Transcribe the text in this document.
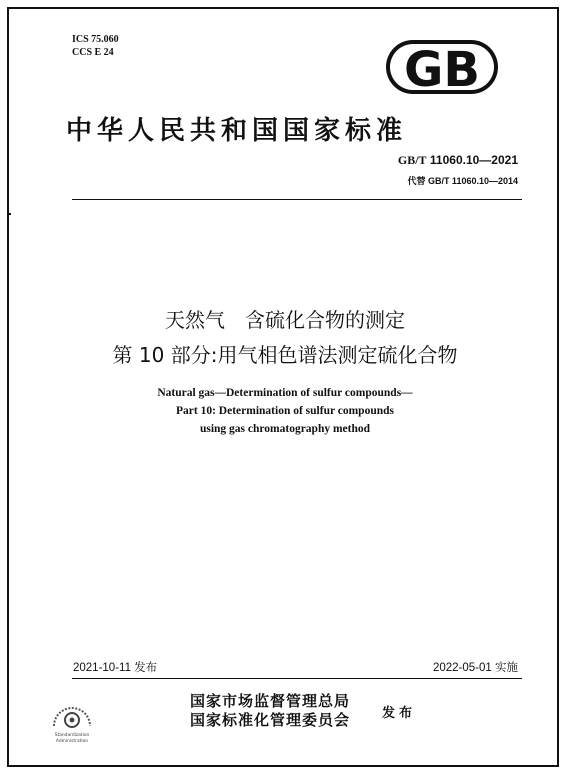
ICS 75.060
CCS E 24	GB
中华人民共和国国家标准
GB/T 11060.10—2021
代替 GB/T 11060.10—2014
天然气　含硫化合物的测定
第 10 部分:用气相色谱法测定硫化合物
Natural gas—Determination of sulfur compounds—
Part 10: Determination of sulfur compounds
using gas chromatography method
2021-10-11 发布	2022-05-01 实施
Standardization
Administration
国家市场监督管理总局
国家标准化管理委员会 发布
